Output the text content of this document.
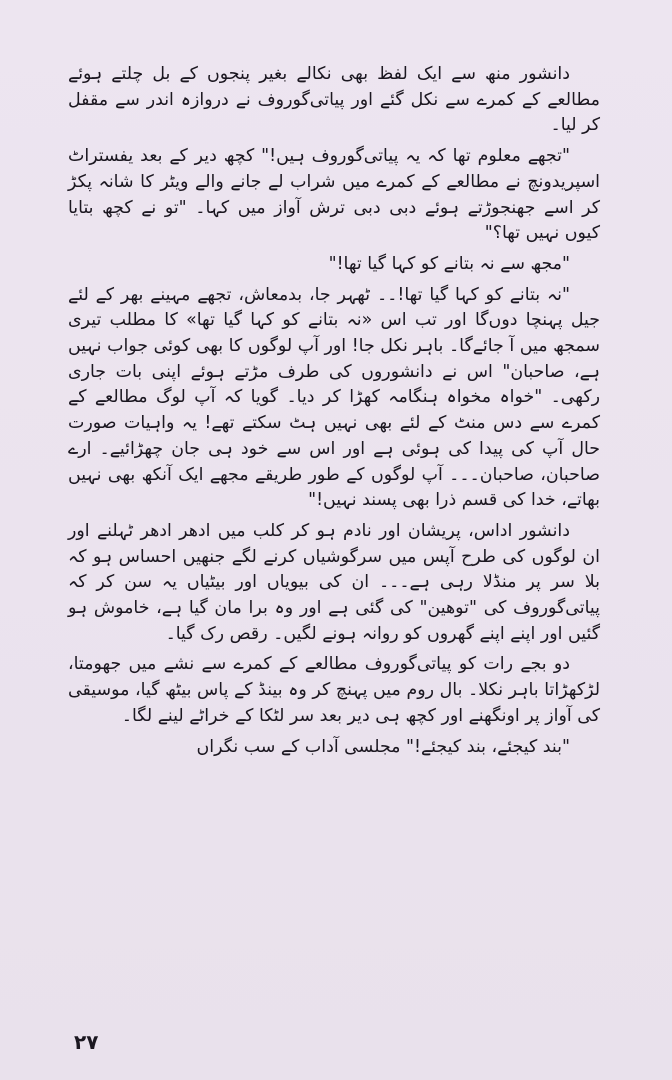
دانشور منھ سے ایک لفظ بھی نکالے بغیر پنجوں کے بل چلتے ہوئے مطالعے کے کمرے سے نکل گئے اور پیاتی‌گوروف نے دروازہ اندر سے مقفل کر لیا۔

"تجھے معلوم تھا کہ یہ پیاتی‌گوروف ہیں!" کچھ دیر کے بعد یفستراٹ اسپریدونچ نے مطالعے کے کمرے میں شراب لے جانے والے ویٹر کا شانہ پکڑ کر اسے جھنجوڑتے ہوئے دبی دبی ترش آواز میں کہا۔ "تو نے کچھ بتایا کیوں نہیں تھا؟"

"مجھ سے نہ بتانے کو کہا گیا تھا!"

"نہ بتانے کو کہا گیا تھا!۔۔ ٹھہر جا، بدمعاش، تجھے مہینے بھر کے لئے جیل پہنچا دوں‌گا اور تب اس «نہ بتانے کو کہا گیا تھا» کا مطلب تیری سمجھ میں آ جائےگا۔ باہر نکل جا! اور آپ لوگوں کا بھی کوئی جواب نہیں ہے، صاحبان" اس نے دانشوروں کی طرف مڑتے ہوئے اپنی بات جاری رکھی۔ "خواہ مخواہ ہنگامہ کھڑا کر دیا۔ گویا کہ آپ لوگ مطالعے کے کمرے سے دس منٹ کے لئے بھی نہیں ہٹ سکتے تھے! یہ واہیات صورت حال آپ کی پیدا کی ہوئی ہے اور اس سے خود ہی جان چھڑائیے۔ ارے صاحبان، صاحبان۔۔۔ آپ لوگوں کے طور طریقے مجھے ایک آنکھ بھی نہیں بھاتے، خدا کی قسم ذرا بھی پسند نہیں!"

دانشور اداس، پریشان اور نادم ہو کر کلب میں ادھر ادھر ٹہلنے اور ان لوگوں کی طرح آپس میں سرگوشیاں کرنے لگے جنھیں احساس ہو کہ بلا سر پر منڈلا رہی ہے۔۔۔ ان کی بیویاں اور بیٹیاں یہ سن کر کہ پیاتی‌گوروف کی "توھین" کی گئی ہے اور وہ برا مان گیا ہے، خاموش ہو گئیں اور اپنے اپنے گھروں کو روانہ ہونے لگیں۔ رقص رک گیا۔

دو بجے رات کو پیاتی‌گوروف مطالعے کے کمرے سے نشے میں جھومتا، لڑکھڑاتا باہر نکلا۔ بال روم میں پہنچ کر وہ بینڈ کے پاس بیٹھ گیا، موسیقی کی آواز پر اونگھنے اور کچھ ہی دیر بعد سر لٹکا کے خراٹے لینے لگا۔

"بند کیجئے، بند کیجئے!" مجلسی آداب کے سب نگراں

۲۷
